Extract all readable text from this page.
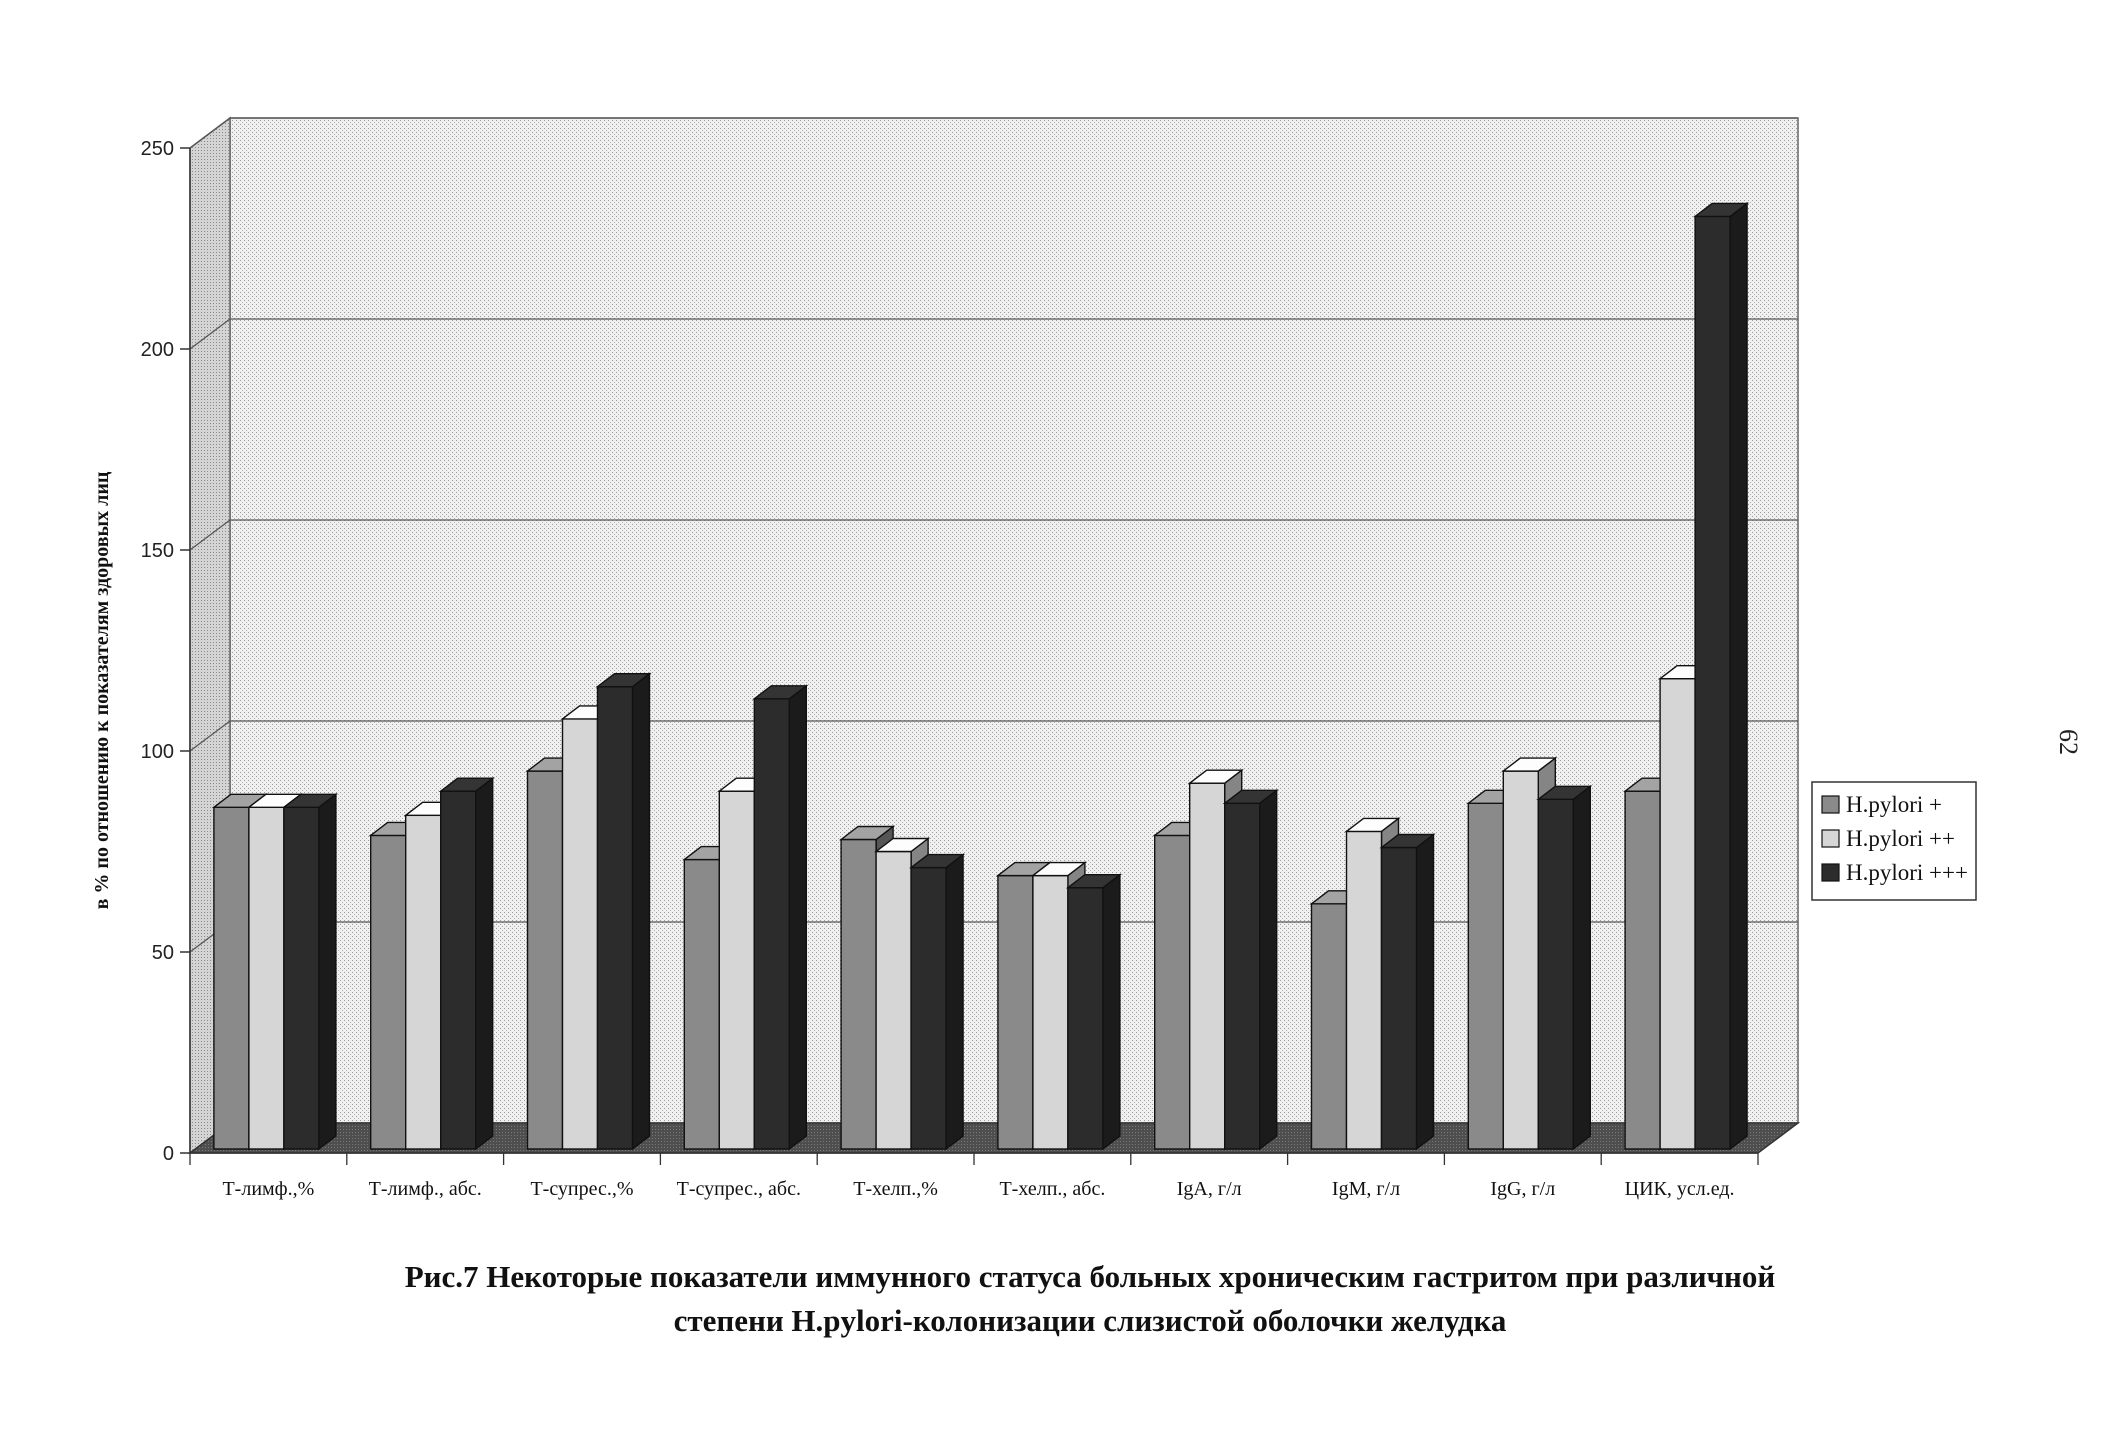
0
50
100
150
200
250
Т-лимф.,%	Т-лимф., абс. Т-супрес.,% Т-супрес., абс.	Т-хелп.,%	Т-хелп., абс.	IgA, г/л	IgM, г/л	IgG, г/л	ЦИК, усл.ед.
в % по отношению к показателям здоровых лиц	H.pylori +
H.pylori ++
H.pylori +++
62
Рис.7 Некоторые показатели иммунного статуса больных хроническим гастритом при различной
степени H.pylori-колонизации слизистой оболочки желудка
